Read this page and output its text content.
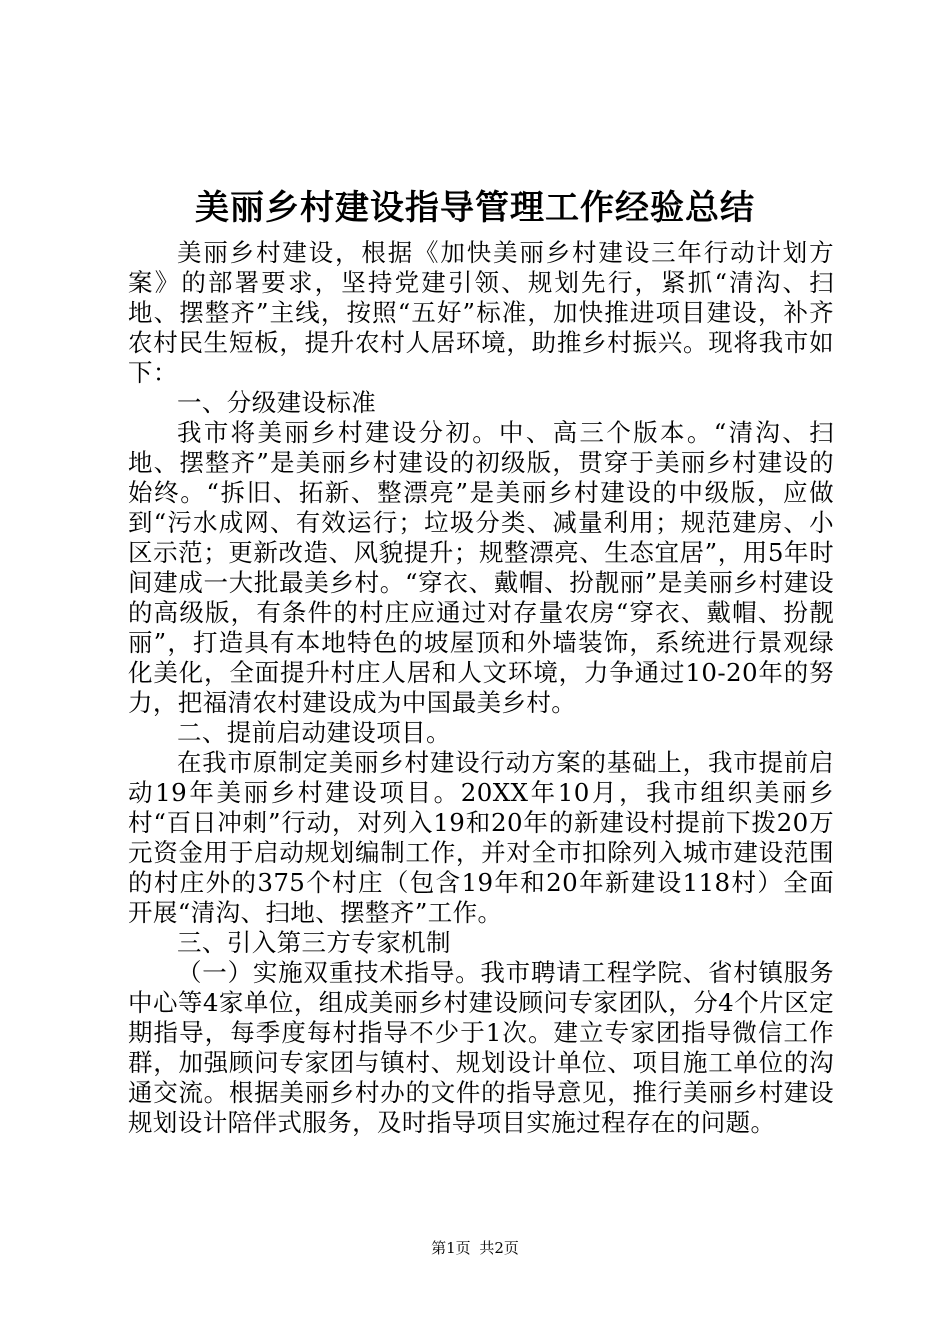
美丽乡村建设指导管理工作经验总结

美丽乡村建设，根据《加快美丽乡村建设三年行动计划方案》的部署要求，坚持党建引领、规划先行，紧抓“清沟、扫地、摆整齐”主线，按照“五好”标准，加快推进项目建设，补齐农村民生短板，提升农村人居环境，助推乡村振兴。现将我市如下：

一、分级建设标准

我市将美丽乡村建设分初。中、高三个版本。“清沟、扫地、摆整齐”是美丽乡村建设的初级版，贯穿于美丽乡村建设的始终。“拆旧、拓新、整漂亮”是美丽乡村建设的中级版，应做到“污水成网、有效运行；垃圾分类、减量利用；规范建房、小区示范；更新改造、风貌提升；规整漂亮、生态宜居”，用5年时间建成一大批最美乡村。“穿衣、戴帽、扮靓丽”是美丽乡村建设的高级版，有条件的村庄应通过对存量农房“穿衣、戴帽、扮靓丽”，打造具有本地特色的坡屋顶和外墙装饰，系统进行景观绿化美化，全面提升村庄人居和人文环境，力争通过10-20年的努力，把福清农村建设成为中国最美乡村。

二、提前启动建设项目。

在我市原制定美丽乡村建设行动方案的基础上，我市提前启动19年美丽乡村建设项目。20XX年10月，我市组织美丽乡村“百日冲刺”行动，对列入19和20年的新建设村提前下拨20万元资金用于启动规划编制工作，并对全市扣除列入城市建设范围的村庄外的375个村庄（包含19年和20年新建设118村）全面开展“清沟、扫地、摆整齐”工作。

三、引入第三方专家机制

（一）实施双重技术指导。我市聘请工程学院、省村镇服务中心等4家单位，组成美丽乡村建设顾问专家团队，分4个片区定期指导，每季度每村指导不少于1次。建立专家团指导微信工作群，加强顾问专家团与镇村、规划设计单位、项目施工单位的沟通交流。根据美丽乡村办的文件的指导意见，推行美丽乡村建设规划设计陪伴式服务，及时指导项目实施过程存在的问题。

第1页 共2页
